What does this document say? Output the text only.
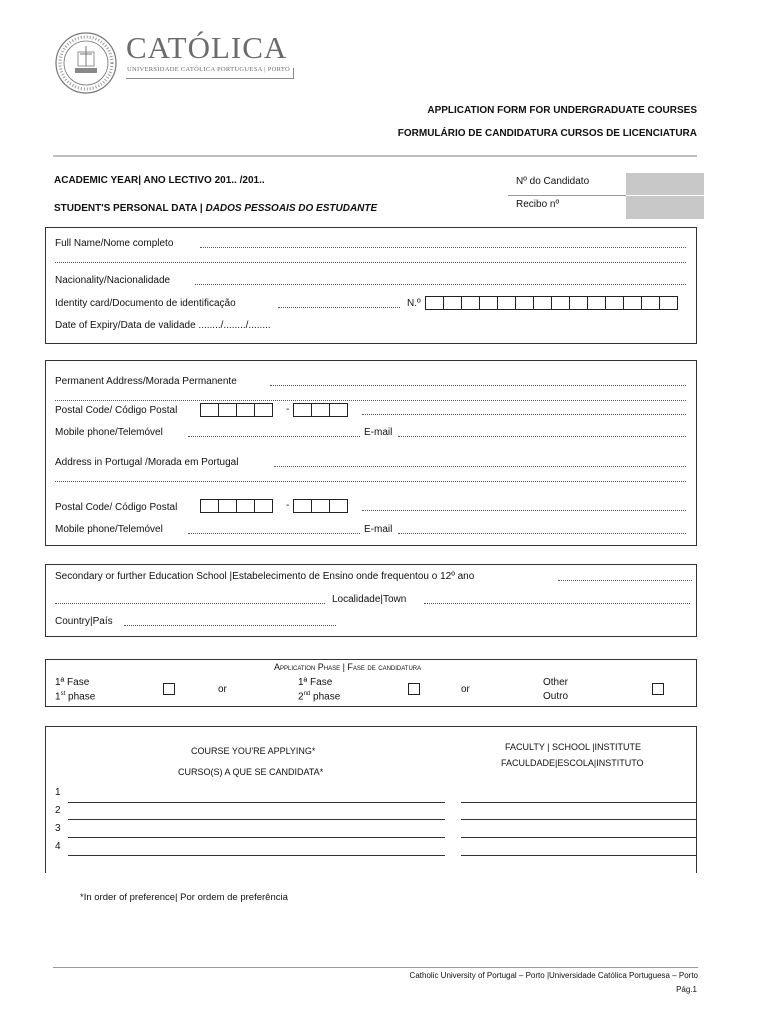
CATÓLICA
UNIVERSIDADE CATÓLICA PORTUGUESA | PORTO
APPLICATION FORM FOR UNDERGRADUATE COURSES
FORMULÁRIO DE CANDIDATURA CURSOS DE LICENCIATURA
ACADEMIC YEAR| ANO LECTIVO 201.. /201..
STUDENT'S PERSONAL DATA | DADOS PESSOAIS DO ESTUDANTE
Nº do Candidato
Recibo nº
Full Name/Nome completo
Nacionality/Nacionalidade
Identity card/Documento de identificação	N.º
Date of Expiry/Data de validade ......../......../........
Permanent Address/Morada Permanente
Postal Code/ Código Postal	-
Mobile phone/Telemóvel	E-mail
Address in Portugal /Morada em Portugal
Postal Code/ Código Postal	-
Mobile phone/Telemóvel	E-mail
Secondary or further Education School |Estabelecimento de Ensino onde frequentou o 12º ano
Localidade|Town
Country|País
Application Phase | Fase de candidatura
1ª Fase
1st phase
or
1ª Fase
2nd phase
or
Other
Outro
COURSE YOU'RE APPLYING*
CURSO(S) A QUE SE CANDIDATA*
FACULTY | SCHOOL |INSTITUTE
FACULDADE|ESCOLA|INSTITUTO
1
2
3
4
*In order of preference| Por ordem de preferência
Catholic University of Portugal – Porto |Universidade Católica Portuguesa – Porto
Pág.1
